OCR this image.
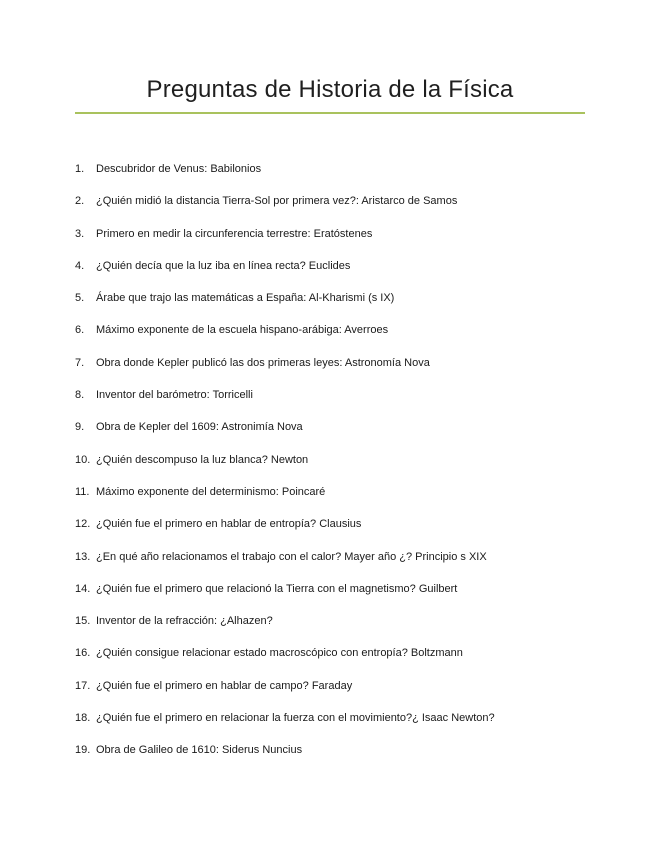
Preguntas de Historia de la Física
1.	Descubridor de Venus: Babilonios
2.	¿Quién midió la distancia Tierra-Sol por primera vez?: Aristarco de Samos
3.	Primero en medir la circunferencia terrestre: Eratóstenes
4.	¿Quién decía que la luz iba en línea recta? Euclides
5.	Árabe que trajo las matemáticas a España: Al-Kharismi (s IX)
6.	Máximo exponente de la escuela hispano-arábiga: Averroes
7.	Obra donde Kepler publicó las dos primeras leyes: Astronomía Nova
8.	Inventor del barómetro: Torricelli
9.	Obra de Kepler del 1609: Astronimía Nova
10. ¿Quién descompuso la luz blanca? Newton
11. Máximo exponente del determinismo: Poincaré
12. ¿Quién fue el primero en hablar de entropía? Clausius
13. ¿En qué año relacionamos el trabajo con el calor? Mayer año ¿? Principio s XIX
14. ¿Quién fue el primero que relacionó la Tierra con el magnetismo? Guilbert
15. Inventor de la refracción: ¿Alhazen?
16. ¿Quién consigue relacionar estado macroscópico con entropía? Boltzmann
17. ¿Quién fue el primero en hablar de campo? Faraday
18. ¿Quién fue el primero en relacionar la fuerza con el movimiento?¿ Isaac Newton?
19. Obra de Galileo de 1610: Siderus Nuncius
